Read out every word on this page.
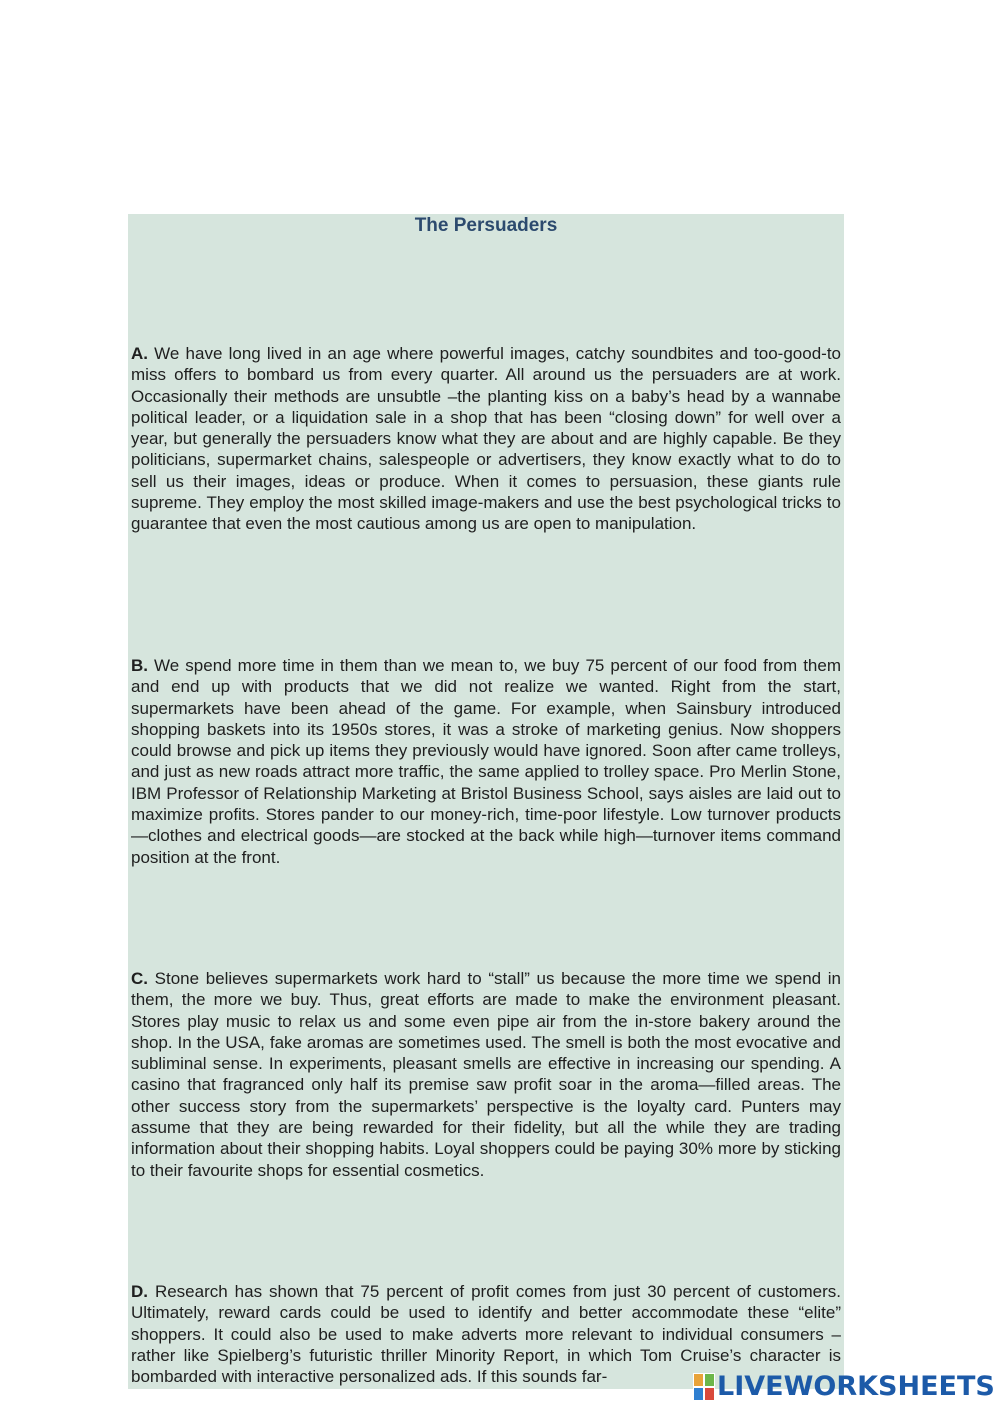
The Persuaders

A. We have long lived in an age where powerful images, catchy soundbites and too-good-to miss offers to bombard us from every quarter. All around us the persuaders are at work. Occasionally their methods are unsubtle –the planting kiss on a baby’s head by a wannabe political leader, or a liquidation sale in a shop that has been “closing down” for well over a year, but generally the persuaders know what they are about and are highly capable. Be they politicians, supermarket chains, salespeople or advertisers, they know exactly what to do to sell us their images, ideas or produce. When it comes to persuasion, these giants rule supreme. They employ the most skilled image-makers and use the best psychological tricks to guarantee that even the most cautious among us are open to manipulation.

B. We spend more time in them than we mean to, we buy 75 percent of our food from them and end up with products that we did not realize we wanted. Right from the start, supermarkets have been ahead of the game. For example, when Sainsbury introduced shopping baskets into its 1950s stores, it was a stroke of marketing genius. Now shoppers could browse and pick up items they previously would have ignored. Soon after came trolleys, and just as new roads attract more traffic, the same applied to trolley space. Pro Merlin Stone, IBM Professor of Relationship Marketing at Bristol Business School, says aisles are laid out to maximize profits. Stores pander to our money-rich, time-poor lifestyle. Low turnover products —clothes and electrical goods—are stocked at the back while high—turnover items command position at the front.

C. Stone believes supermarkets work hard to “stall” us because the more time we spend in them, the more we buy. Thus, great efforts are made to make the environment pleasant. Stores play music to relax us and some even pipe air from the in-store bakery around the shop. In the USA, fake aromas are sometimes used. The smell is both the most evocative and subliminal sense. In experiments, pleasant smells are effective in increasing our spending. A casino that fragranced only half its premise saw profit soar in the aroma—filled areas. The other success story from the supermarkets’ perspective is the loyalty card. Punters may assume that they are being rewarded for their fidelity, but all the while they are trading information about their shopping habits. Loyal shoppers could be paying 30% more by sticking to their favourite shops for essential cosmetics.

D. Research has shown that 75 percent of profit comes from just 30 percent of customers. Ultimately, reward cards could be used to identify and better accommodate these “elite” shoppers. It could also be used to make adverts more relevant to individual consumers – rather like Spielberg’s futuristic thriller Minority Report, in which Tom Cruise’s character is bombarded with interactive personalized ads. If this sounds far-	LIVEWORKSHEETS
